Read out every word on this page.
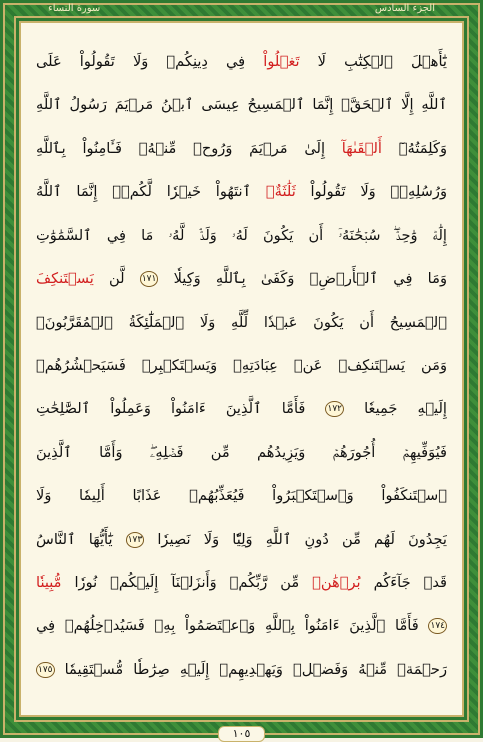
سورة النساء	الجزء السادس
يَٰٓأَهۡلَ ٱلۡكِتَٰبِ لَا تَغۡلُواْ فِي دِينِكُمۡ وَلَا تَقُولُواْ عَلَى
ٱللَّهِ إِلَّا ٱلۡحَقَّۚ إِنَّمَا ٱلۡمَسِيحُ عِيسَى ٱبۡنُ مَرۡيَمَ رَسُولُ ٱللَّهِ
وَكَلِمَتُهُۥٓ أَلۡقَىٰهَآ إِلَىٰ مَرۡيَمَ وَرُوحٞ مِّنۡهُۖ فَـَٔامِنُواْ بِٱللَّهِ
وَرُسُلِهِۦۖ وَلَا تَقُولُواْ ثَلَٰثَةٌۚ ٱنتَهُواْ خَيۡرٗا لَّكُمۡۚ إِنَّمَا ٱللَّهُ
إِلَٰهٞ وَٰحِدٞۖ سُبۡحَٰنَهُۥٓ أَن يَكُونَ لَهُۥ وَلَدٞۘ لَّهُۥ مَا فِي ٱلسَّمَٰوَٰتِ
وَمَا فِي ٱلۡأَرۡضِۗ وَكَفَىٰ بِٱللَّهِ وَكِيلٗا ١٧١ لَّن يَسۡتَنكِفَ
ٱلۡمَسِيحُ أَن يَكُونَ عَبۡدٗا لِّلَّهِ وَلَا ٱلۡمَلَٰٓئِكَةُ ٱلۡمُقَرَّبُونَۚ
وَمَن يَسۡتَنكِفۡ عَنۡ عِبَادَتِهِۦ وَيَسۡتَكۡبِرۡ فَسَيَحۡشُرُهُمۡ
إِلَيۡهِ جَمِيعٗا ١٧٢ فَأَمَّا ٱلَّذِينَ ءَامَنُواْ وَعَمِلُواْ ٱلصَّٰلِحَٰتِ
فَيُوَفِّيهِمۡ أُجُورَهُمۡ وَيَزِيدُهُم مِّن فَضۡلِهِۦۖ وَأَمَّا ٱلَّذِينَ
ٱسۡتَنكَفُواْ وَٱسۡتَكۡبَرُواْ فَيُعَذِّبُهُمۡ عَذَابًا أَلِيمٗا وَلَا
يَجِدُونَ لَهُم مِّن دُونِ ٱللَّهِ وَلِيّٗا وَلَا نَصِيرٗا ١٧٣ يَٰٓأَيُّهَا ٱلنَّاسُ
قَدۡ جَآءَكُم بُرۡهَٰنٞ مِّن رَّبِّكُمۡ وَأَنزَلۡنَآ إِلَيۡكُمۡ نُورٗا مُّبِينٗا
١٧٤ فَأَمَّا ٱلَّذِينَ ءَامَنُواْ بِٱللَّهِ وَٱعۡتَصَمُواْ بِهِۦ فَسَيُدۡخِلُهُمۡ فِي
رَحۡمَةٖ مِّنۡهُ وَفَضۡلٖ وَيَهۡدِيهِمۡ إِلَيۡهِ صِرَٰطٗا مُّسۡتَقِيمٗا ١٧٥
١٠٥
